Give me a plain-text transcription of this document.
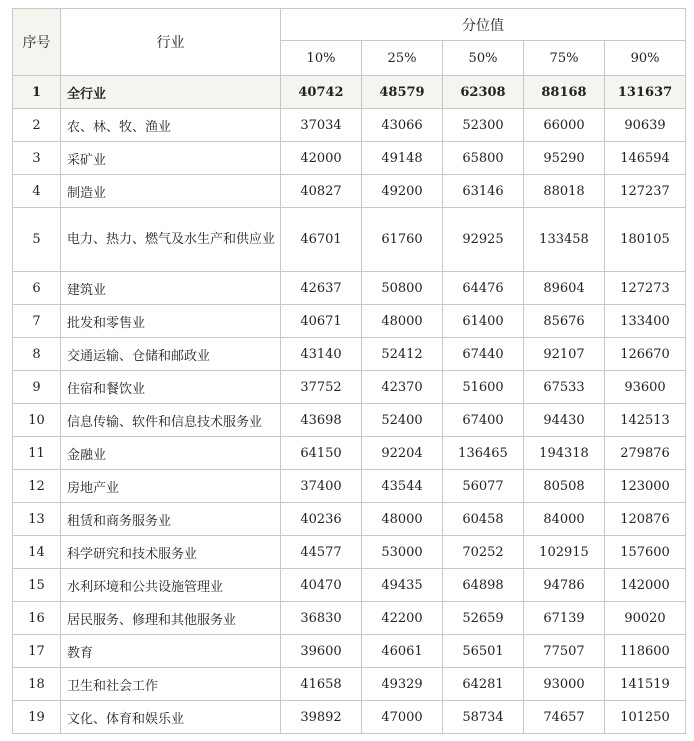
序号	行业	分位值				
		10%	25%	50%	75%	90%
1	全行业	40742	48579	62308	88168	131637
2	农、林、牧、渔业	37034	43066	52300	66000	90639
3	采矿业	42000	49148	65800	95290	146594
4	制造业	40827	49200	63146	88018	127237
5	电力、热力、燃气及水生产和供应业	46701	61760	92925	133458	180105
6	建筑业	42637	50800	64476	89604	127273
7	批发和零售业	40671	48000	61400	85676	133400
8	交通运输、仓储和邮政业	43140	52412	67440	92107	126670
9	住宿和餐饮业	37752	42370	51600	67533	93600
10	信息传输、软件和信息技术服务业	43698	52400	67400	94430	142513
11	金融业	64150	92204	136465	194318	279876
12	房地产业	37400	43544	56077	80508	123000
13	租赁和商务服务业	40236	48000	60458	84000	120876
14	科学研究和技术服务业	44577	53000	70252	102915	157600
15	水利环境和公共设施管理业	40470	49435	64898	94786	142000
16	居民服务、修理和其他服务业	36830	42200	52659	67139	90020
17	教育	39600	46061	56501	77507	118600
18	卫生和社会工作	41658	49329	64281	93000	141519
19	文化、体育和娱乐业	39892	47000	58734	74657	101250
